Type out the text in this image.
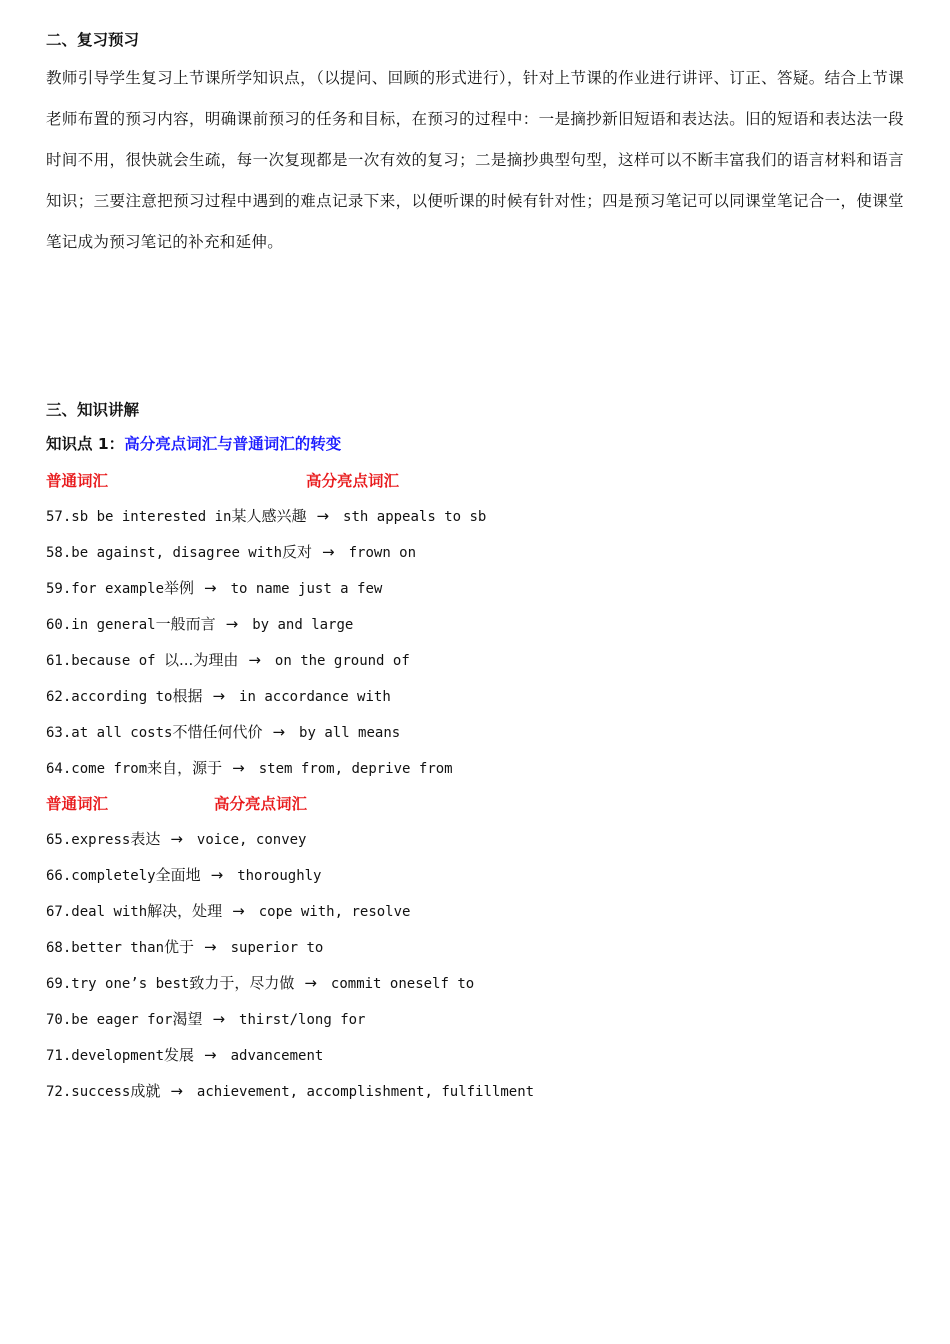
二、复习预习
教师引导学生复习上节课所学知识点，（以提问、回顾的形式进行），针对上节课的作业进行讲评、订正、答疑。结合上节课老师布置的预习内容，明确课前预习的任务和目标，在预习的过程中：一是摘抄新旧短语和表达法。旧的短语和表达法一段时间不用，很快就会生疏，每一次复现都是一次有效的复习；二是摘抄典型句型，这样可以不断丰富我们的语言材料和语言知识；三要注意把预习过程中遇到的难点记录下来，以便听课的时候有针对性；四是预习笔记可以同课堂笔记合一，使课堂笔记成为预习笔记的补充和延伸。
三、知识讲解
知识点 1：高分亮点词汇与普通词汇的转变
普通词汇	高分亮点词汇
57.sb be interested in某人感兴趣 → sth appeals to sb
58.be against, disagree with反对 → frown on
59.for example举例 → to name just a few
60.in general一般而言 → by and large
61.because of 以...为理由 → on the ground of
62.according to根据 → in accordance with
63.at all costs不惜任何代价 → by all means
64.come from来自，源于 → stem from, deprive from
普通词汇	高分亮点词汇
65.express表达 → voice, convey
66.completely全面地 → thoroughly
67.deal with解决，处理 → cope with, resolve
68.better than优于 → superior to
69.try one’s best致力于，尽力做 → commit oneself to
70.be eager for渴望 → thirst/long for
71.development发展 → advancement
72.success成就 → achievement, accomplishment, fulfillment
